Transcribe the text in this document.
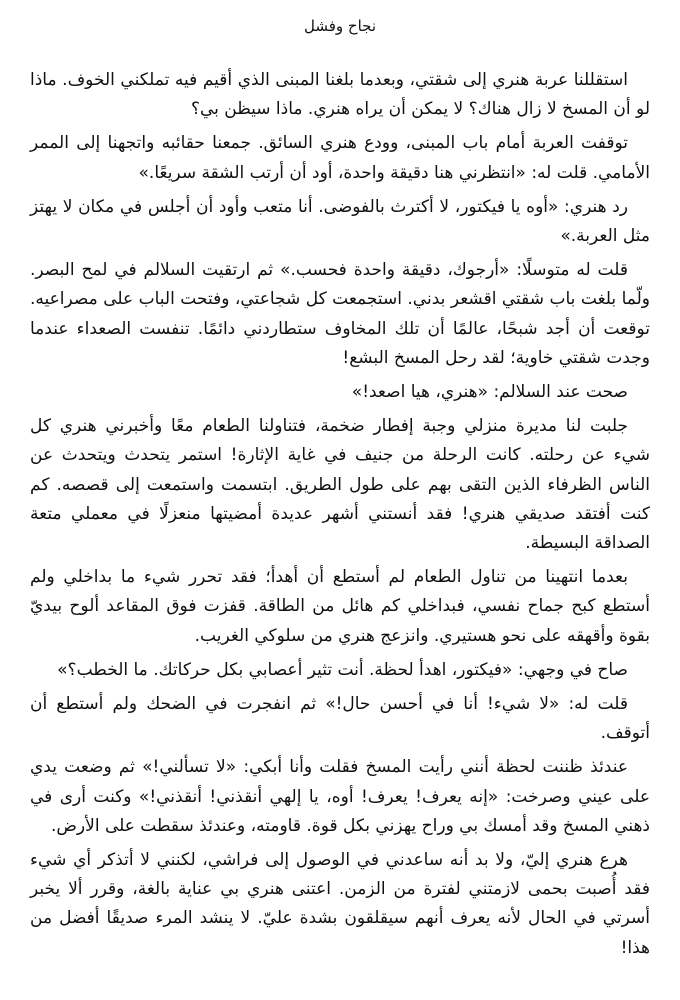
نجاح وفشل

استقللنا عربة هنري إلى شقتي، وبعدما بلغنا المبنى الذي أقيم فيه تملكني الخوف. ماذا لو أن المسخ لا زال هناك؟ لا يمكن أن يراه هنري. ماذا سيظن بي؟

توقفت العربة أمام باب المبنى، وودع هنري السائق. جمعنا حقائبه واتجهنا إلى الممر الأمامي. قلت له: «انتظرني هنا دقيقة واحدة، أود أن أرتب الشقة سريعًا.»

رد هنري: «أوه يا فيكتور، لا أكترث بالفوضى. أنا متعب وأود أن أجلس في مكان لا يهتز مثل العربة.»

قلت له متوسلًا: «أرجوك، دقيقة واحدة فحسب.» ثم ارتقيت السلالم في لمح البصر. ولّما بلغت باب شقتي اقشعر بدني. استجمعت كل شجاعتي، وفتحت الباب على مصراعيه. توقعت أن أجد شبحًا، عالمًا أن تلك المخاوف ستطاردني دائمًا. تنفست الصعداء عندما وجدت شقتي خاوية؛ لقد رحل المسخ البشع!

صحت عند السلالم: «هنري، هيا اصعد!»

جلبت لنا مديرة منزلي وجبة إفطار ضخمة، فتناولنا الطعام معًا وأخبرني هنري كل شيء عن رحلته. كانت الرحلة من جنيف في غاية الإثارة! استمر يتحدث ويتحدث عن الناس الظرفاء الذين التقى بهم على طول الطريق. ابتسمت واستمعت إلى قصصه. كم كنت أفتقد صديقي هنري! فقد أنستني أشهر عديدة أمضيتها منعزلًا في معملي متعة الصداقة البسيطة.

بعدما انتهينا من تناول الطعام لم أستطع أن أهدأ؛ فقد تحرر شيء ما بداخلي ولم أستطع كبح جماح نفسي، فبداخلي كم هائل من الطاقة. قفزت فوق المقاعد ألوح بيديّ بقوة وأقهقه على نحو هستيري. وانزعج هنري من سلوكي الغريب.

صاح في وجهي: «فيكتور، اهدأ لحظة. أنت تثير أعصابي بكل حركاتك. ما الخطب؟»

قلت له: «لا شيء! أنا في أحسن حال!» ثم انفجرت في الضحك ولم أستطع أن أتوقف.

عندئذ ظننت لحظة أنني رأيت المسخ فقلت وأنا أبكي: «لا تسألني!» ثم وضعت يدي على عيني وصرخت: «إنه يعرف! يعرف! أوه، يا إلهي أنقذني! أنقذني!» وكنت أرى في ذهني المسخ وقد أمسك بي وراح يهزني بكل قوة. قاومته، وعندئذ سقطت على الأرض.

هرع هنري إليّ، ولا بد أنه ساعدني في الوصول إلى فراشي، لكنني لا أتذكر أي شيء فقد أُصبت بحمى لازمتني لفترة من الزمن. اعتنى هنري بي عناية بالغة، وقرر ألا يخبر أسرتي في الحال لأنه يعرف أنهم سيقلقون بشدة عليّ. لا ينشد المرء صديقًا أفضل من هذا!
